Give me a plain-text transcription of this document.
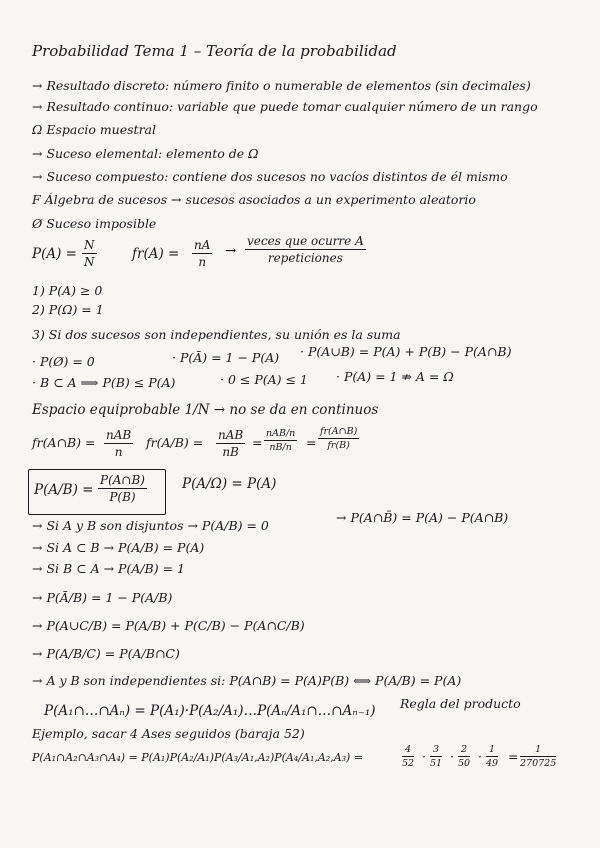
Probabilidad Tema 1 – Teoría de la probabilidad
→ Resultado discreto: número finito o numerable de elementos (sin decimales)
→ Resultado continuo: variable que puede tomar cualquier número de un rango
Ω Espacio muestral
→ Suceso elemental: elemento de Ω
→ Suceso compuesto: contiene dos sucesos no vacíos distintos de él mismo
F Álgebra de sucesos → sucesos asociados a un experimento aleatorio
Ø Suceso imposible
$P(A) = \frac{N}{N}$	$fr(A) = \frac{nA}{n}$ →
veces que ocurre A
repeticiones
1) P(A) ≥ 0
2) P(Ω) = 1
3) Si dos sucesos son independientes, su unión es la suma
· P(Ø) = 0	· P(Ā) = 1 − P(A) · P(A∪B) = P(A) + P(B) − P(A∩B)
· B ⊂ A ⟹ P(B) ≤ P(A)	· 0 ≤ P(A) ≤ 1 · P(A) = 1 ⇏ A = Ω
Espacio equiprobable 1/N → no se da en continuos
fr(A∩B) = nAB
n
fr(A/B) = nAB
nB
=
nAB/n
nB/n	= $\frac{fr(A\cap B)}{fr(B)}$
$P(A/B) = \frac{P(A\cap B)}{P(B)}$	P(A/Ω) = P(A)
→ Si A y B son disjuntos → P(A/B) = 0
→ P(A∩B̄) = P(A) − P(A∩B)
→ Si A ⊂ B → P(A/B) = P(A)
→ Si B ⊂ A → P(A/B) = 1
→ P(Ā/B) = 1 − P(A/B)
→ P(A∪C/B) = P(A/B) + P(C/B) − P(A∩C/B)
→ P(A/B/C) = P(A/B∩C)
→ A y B son independientes si: P(A∩B) = P(A)P(B) ⟺ P(A/B) = P(A)
P(A₁∩…∩Aₙ) = P(A₁)·P(A₂/A₁)…P(Aₙ/A₁∩…∩Aₙ₋₁) Regla del producto
Ejemplo, sacar 4 Ases seguidos (baraja 52)
P(A₁∩A₂∩A₃∩A₄) = P(A₁)P(A₂/A₁)P(A₃/A₁,A₂)P(A₄/A₁,A₂,A₃) =	$\frac{4}{52} \cdot \frac{3}{51} \cdot \frac{2}{50} \cdot \frac{1}{49} = \frac{1}{270725}$
